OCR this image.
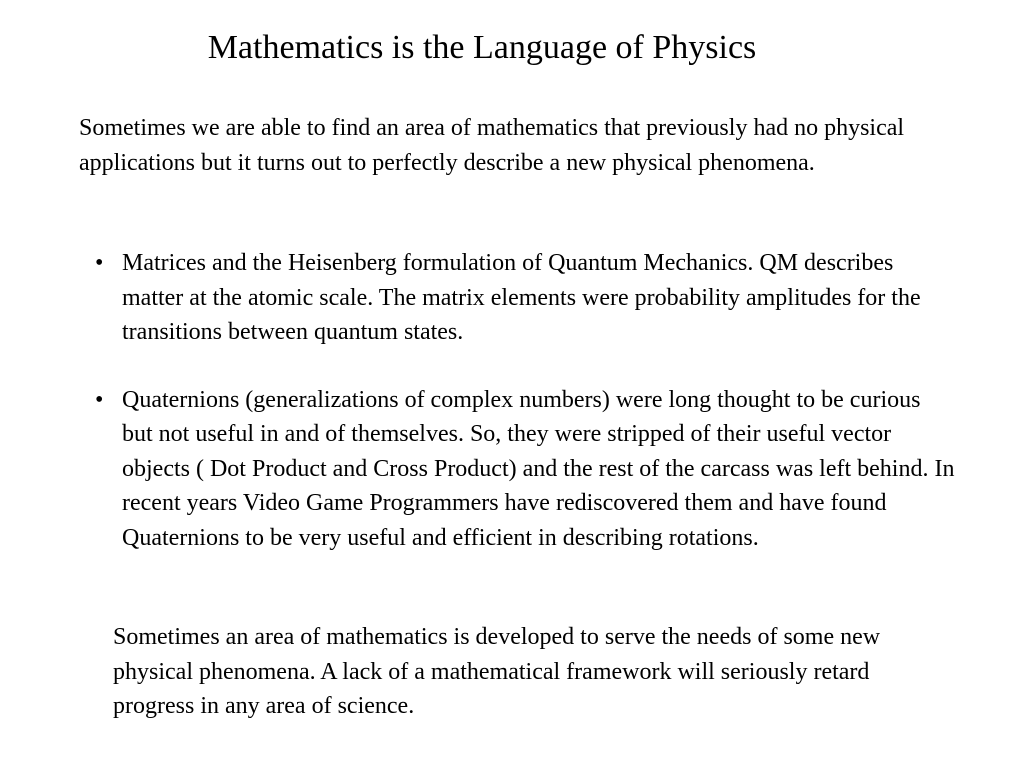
Mathematics is the Language of Physics

Sometimes we are able to find an area of mathematics that previously had no physical applications but it turns out to perfectly describe a new physical phenomena.

• Matrices and the Heisenberg formulation of Quantum Mechanics. QM describes matter at the atomic scale. The matrix elements were probability amplitudes for the transitions between quantum states.
• Quaternions (generalizations of complex numbers) were long thought to be curious but not useful in and of themselves. So, they were stripped of their useful vector objects ( Dot Product and Cross Product) and the rest of the carcass was left behind. In recent years Video Game Programmers have rediscovered them and have found Quaternions to be very useful and efficient in describing rotations.

Sometimes an area of mathematics is developed to serve the needs of some new physical phenomena. A lack of a mathematical framework will seriously retard progress in any area of science.
